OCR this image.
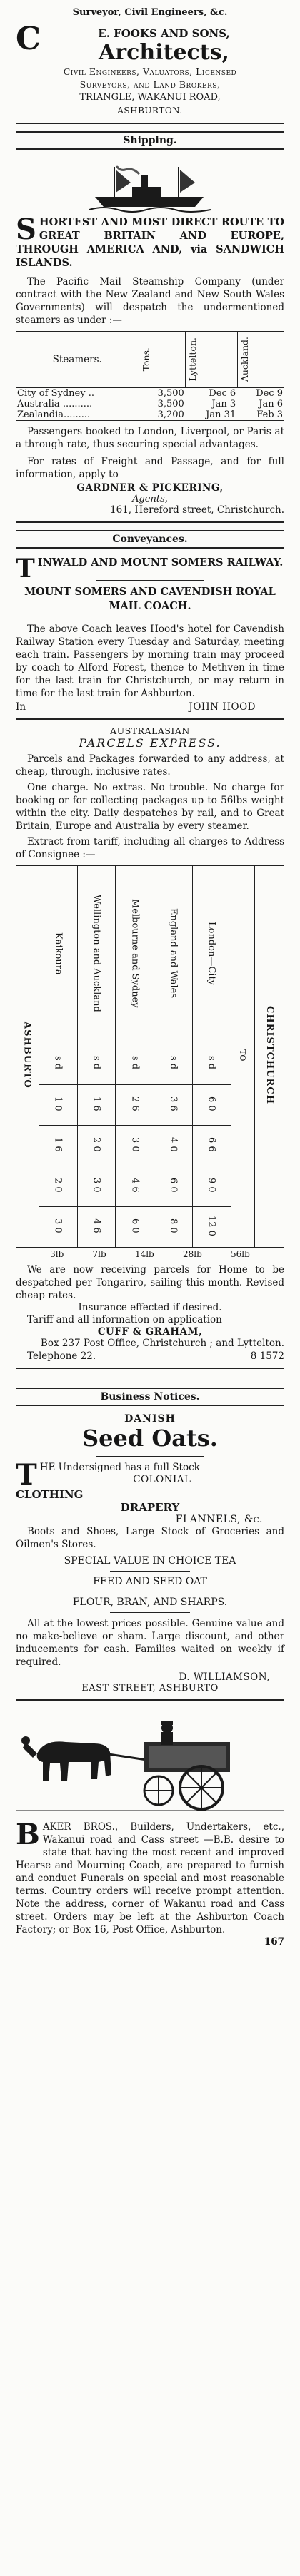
Surveyor, Civil Engineers, &c.
C	E. FOOKS AND SONS,
Architects,
Civil Engineers, Valuators, Licensed
Surveyors, and Land Brokers,
TRIANGLE, WAKANUI ROAD,
ASHBURTON.
Shipping.
S HORTEST AND MOST DIRECT ROUTE TO GREAT BRITAIN AND EUROPE, THROUGH AMERICA AND, via SANDWICH ISLANDS.

The Pacific Mail Steamship Company (under contract with the New Zealand and New South Wales Governments) will despatch the undermentioned steamers as under :—

Steamers.	Tons.	Lyttelton.	Auckland.

City of Sydney ..	3,500	Dec 6	Dec 9
Australia ..........	3,500	Jan 3	Jan 6
Zealandia.........	3,200	Jan 31	Feb 3

Passengers booked to London, Liverpool, or Paris at a through rate, thus securing special advantages.

For rates of Freight and Passage, and for full information, apply to

GARDNER & PICKERING,
Agents,
161, Hereford street, Christchurch.
Conveyances.
T INWALD AND MOUNT SOMERS RAILWAY.
MOUNT SOMERS AND CAVENDISH ROYAL MAIL COACH.

The above Coach leaves Hood's hotel for Cavendish Railway Station every Tuesday and Saturday, meeting each train. Passengers by morning train may proceed by coach to Alford Forest, thence to Methven in time for the last train for Christchurch, or may return in time for the last train for Ashburton.

In	JOHN HOOD
AUSTRALASIAN
PARCELS EXPRESS.

Parcels and Packages forwarded to any address, at cheap, through, inclusive rates.

One charge. No extras. No trouble. No charge for booking or for collecting packages up to 56lbs weight within the city. Daily despatches by rail, and to Great Britain, Europe and Australia by every steamer.

Extract from tariff, including all charges to Address of Consignee :—

ASHBURTO	Kaikoura	Wellington and Auckland	Melbourne and Sydney	England and Wales	London—City	TO	CHRISTCHURCH
	s d	s d	s d	s d	s d		
	1 0	1 6	2 6	3 6	6 0		
	1 6	2 0	3 0	4 0	6 6		
	2 0	3 0	4 6	6 0	9 0		
	3 0	4 6	6 0	8 0	12 0		
3lb	7lb	14lb	28lb	56lb

We are now receiving parcels for Home to be despatched per Tongariro, sailing this month. Revised cheap rates.

Insurance effected if desired.

Tariff and all information on application

CUFF & GRAHAM,
Box 237 Post Office, Christchurch ; and Lyttelton.
Telephone 22.	8 1572
Business Notices.
DANISH
Seed Oats.
T HE Undersigned has a full Stock
COLONIAL
CLOTHING
DRAPERY
FLANNELS, &c.

Boots and Shoes, Large Stock of Groceries and Oilmen's Stores.

SPECIAL VALUE IN CHOICE TEA
FEED AND SEED OAT
FLOUR, BRAN, AND SHARPS.

All at the lowest prices possible. Genuine value and no make-believe or sham. Large discount, and other inducements for cash. Families waited on weekly if required.

D. WILLIAMSON,
EAST STREET, ASHBURTO
B AKER BROS., Builders, Undertakers, etc., Wakanui road and Cass street —B.B. desire to state that having the most recent and improved Hearse and Mourning Coach, are prepared to furnish and conduct Funerals on special and most reasonable terms. Country orders will receive prompt attention. Note the address, corner of Wakanui road and Cass street. Orders may be left at the Ashburton Coach Factory; or Box 16, Post Office, Ashburton.
167
